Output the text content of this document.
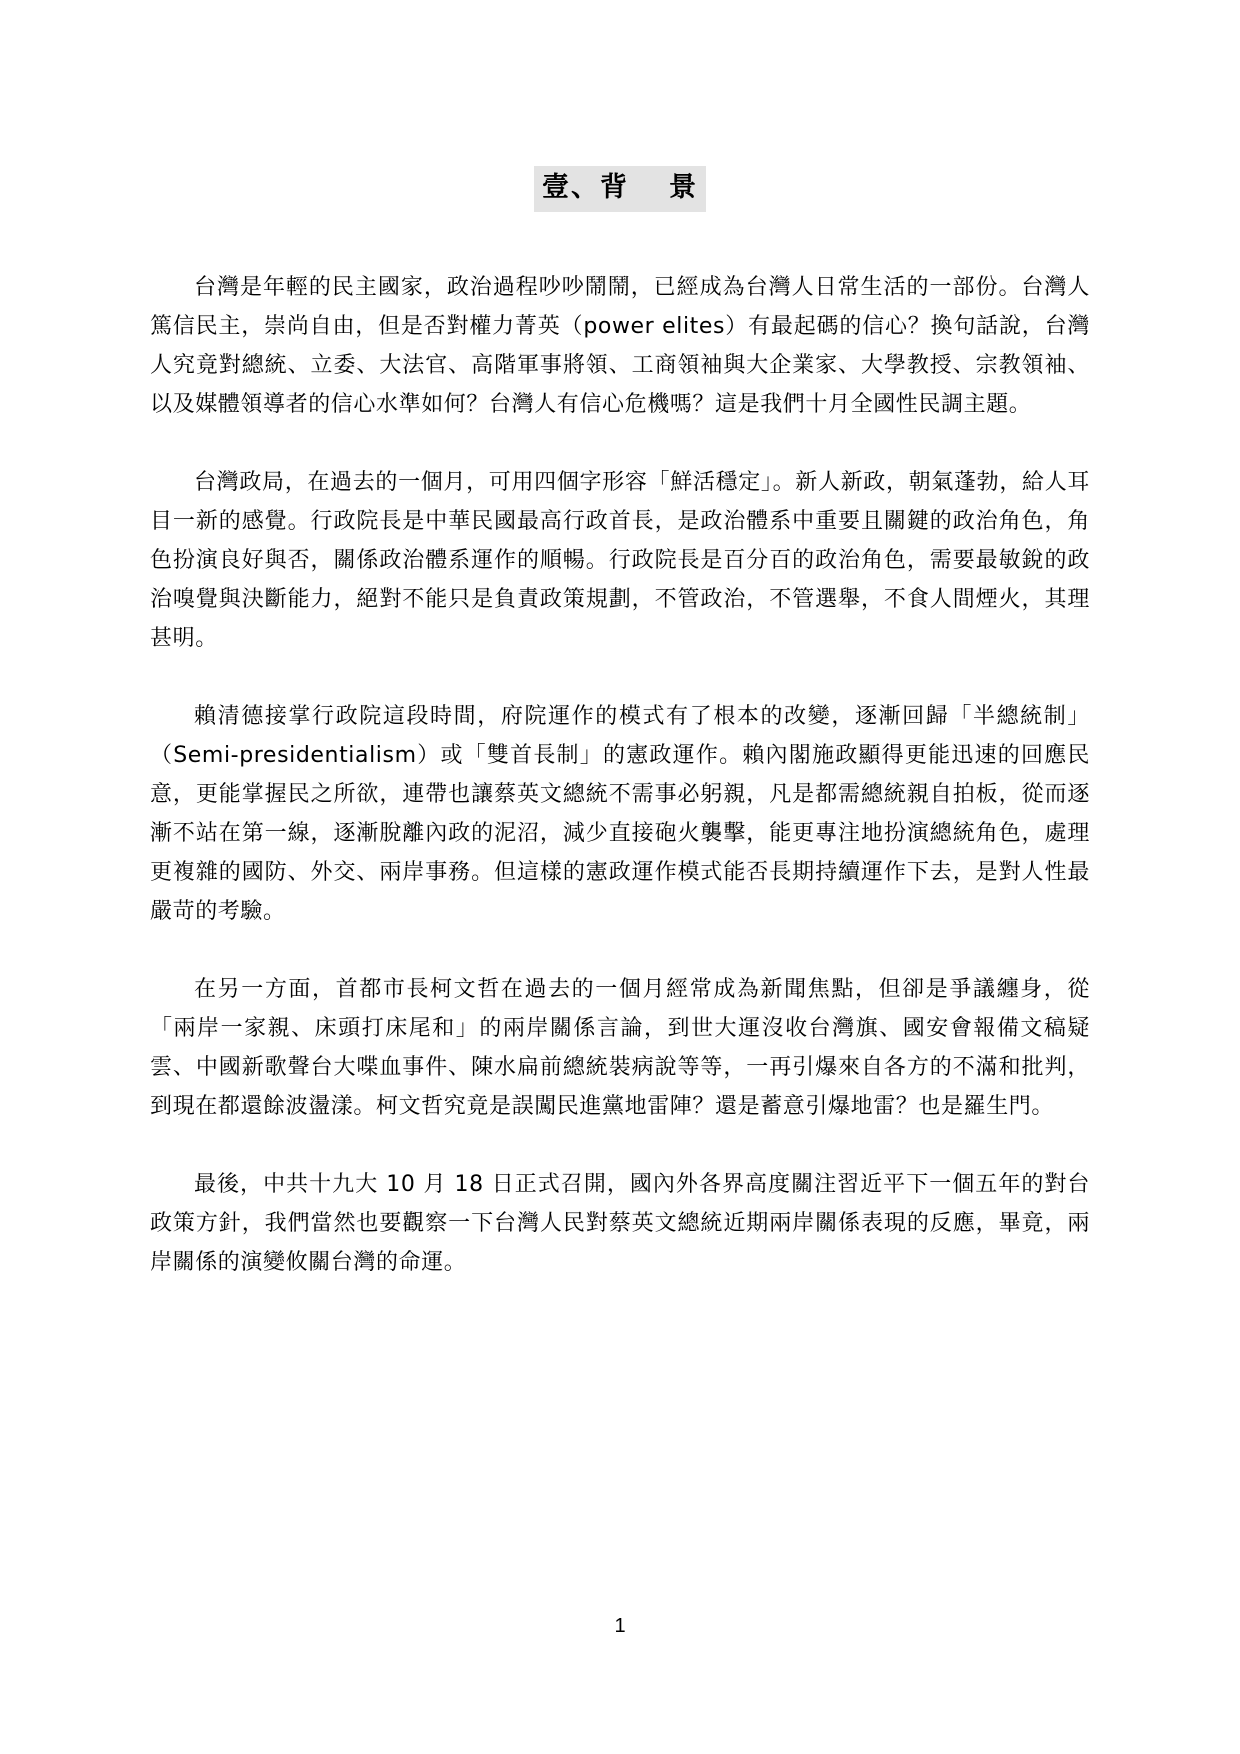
壹、背 景

台灣是年輕的民主國家，政治過程吵吵鬧鬧，已經成為台灣人日常生活的一部份。台灣人篤信民主，崇尚自由，但是否對權力菁英（power elites）有最起碼的信心？換句話說，台灣人究竟對總統、立委、大法官、高階軍事將領、工商領袖與大企業家、大學教授、宗教領袖、以及媒體領導者的信心水準如何？台灣人有信心危機嗎？這是我們十月全國性民調主題。

台灣政局，在過去的一個月，可用四個字形容「鮮活穩定」。新人新政，朝氣蓬勃，給人耳目一新的感覺。行政院長是中華民國最高行政首長，是政治體系中重要且關鍵的政治角色，角色扮演良好與否，關係政治體系運作的順暢。行政院長是百分百的政治角色，需要最敏銳的政治嗅覺與決斷能力，絕對不能只是負責政策規劃，不管政治，不管選舉，不食人間煙火，其理甚明。

賴清德接掌行政院這段時間，府院運作的模式有了根本的改變，逐漸回歸「半總統制」（Semi-presidentialism）或「雙首長制」的憲政運作。賴內閣施政顯得更能迅速的回應民意，更能掌握民之所欲，連帶也讓蔡英文總統不需事必躬親，凡是都需總統親自拍板，從而逐漸不站在第一線，逐漸脫離內政的泥沼，減少直接砲火襲擊，能更專注地扮演總統角色，處理更複雜的國防、外交、兩岸事務。但這樣的憲政運作模式能否長期持續運作下去，是對人性最嚴苛的考驗。

在另一方面，首都市長柯文哲在過去的一個月經常成為新聞焦點，但卻是爭議纏身，從「兩岸一家親、床頭打床尾和」的兩岸關係言論，到世大運沒收台灣旗、國安會報備文稿疑雲、中國新歌聲台大喋血事件、陳水扁前總統裝病說等等，一再引爆來自各方的不滿和批判，到現在都還餘波盪漾。柯文哲究竟是誤闖民進黨地雷陣？還是蓄意引爆地雷？也是羅生門。

最後，中共十九大 10 月 18 日正式召開，國內外各界高度關注習近平下一個五年的對台政策方針，我們當然也要觀察一下台灣人民對蔡英文總統近期兩岸關係表現的反應，畢竟，兩岸關係的演變攸關台灣的命運。

1
